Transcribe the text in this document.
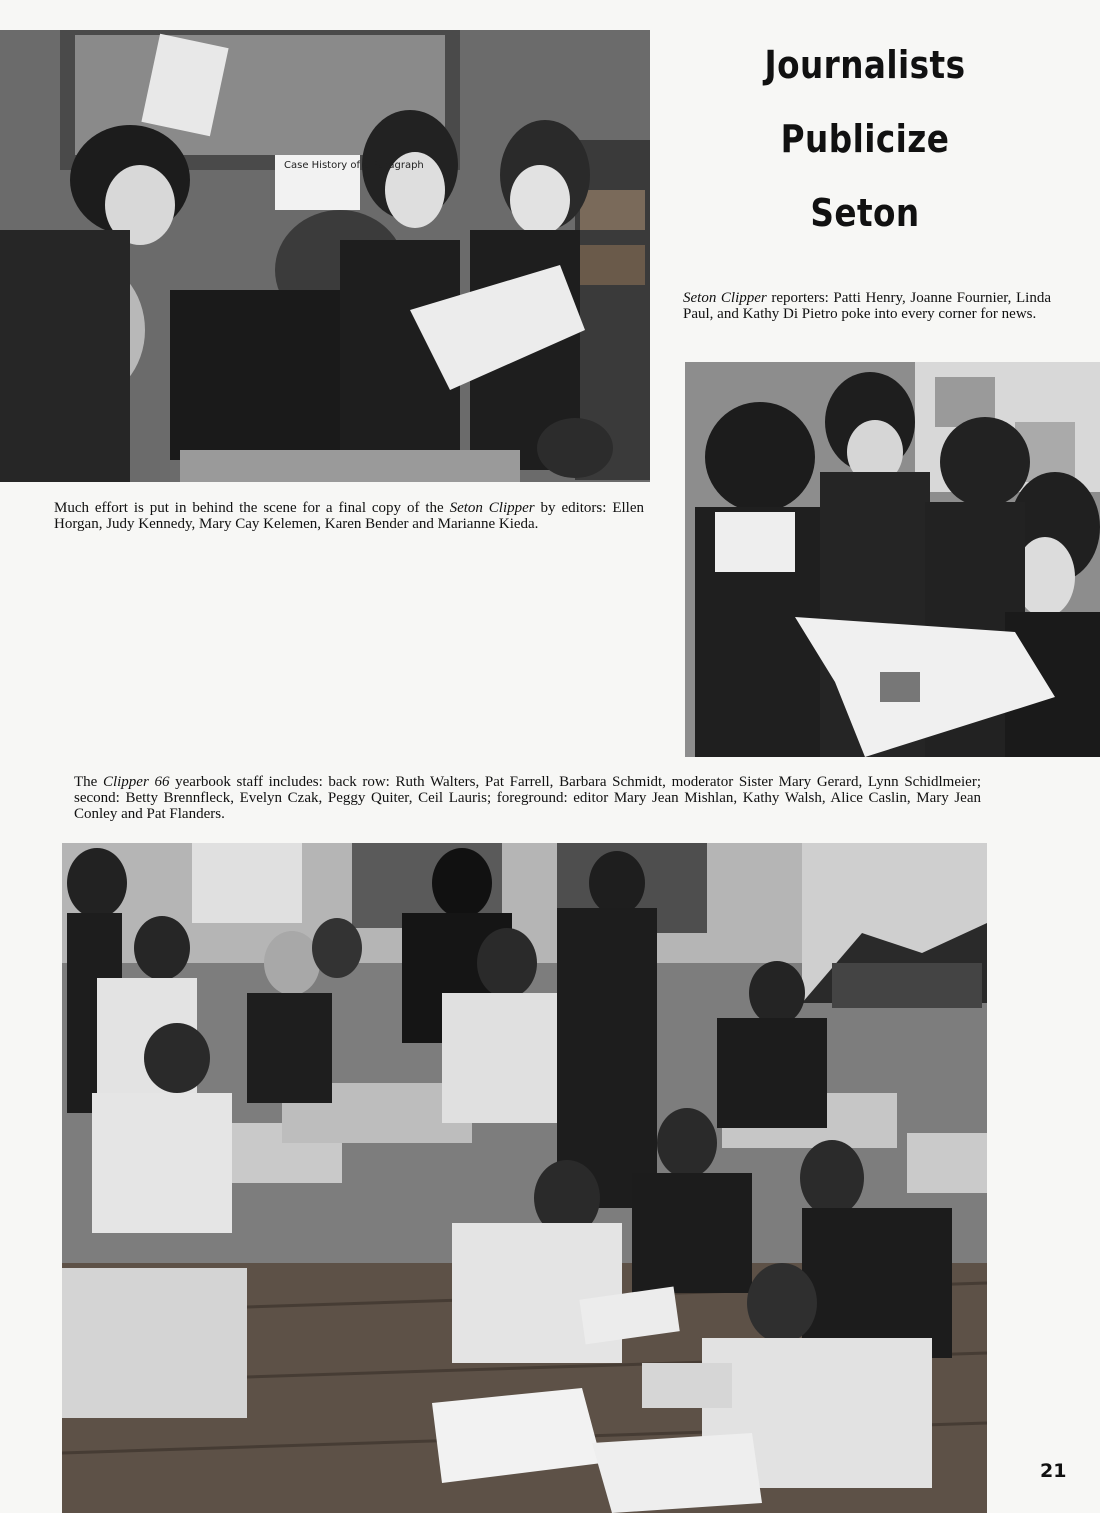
Case History of a Paragraph
Journalists
Publicize
Seton

Seton Clipper reporters: Patti Henry, Joanne Fournier, Linda Paul, and Kathy Di Pietro poke into every corner for news.

Much effort is put in behind the scene for a final copy of the Seton Clipper by editors: Ellen Horgan, Judy Kennedy, Mary Cay Kelemen, Karen Bender and Marianne Kieda.

The Clipper 66 yearbook staff includes: back row: Ruth Walters, Pat Farrell, Barbara Schmidt, moderator Sister Mary Gerard, Lynn Schidlmeier; second: Betty Brennfleck, Evelyn Czak, Peggy Quiter, Ceil Lauris; foreground: editor Mary Jean Mishlan, Kathy Walsh, Alice Caslin, Mary Jean Conley and Pat Flanders.

21
